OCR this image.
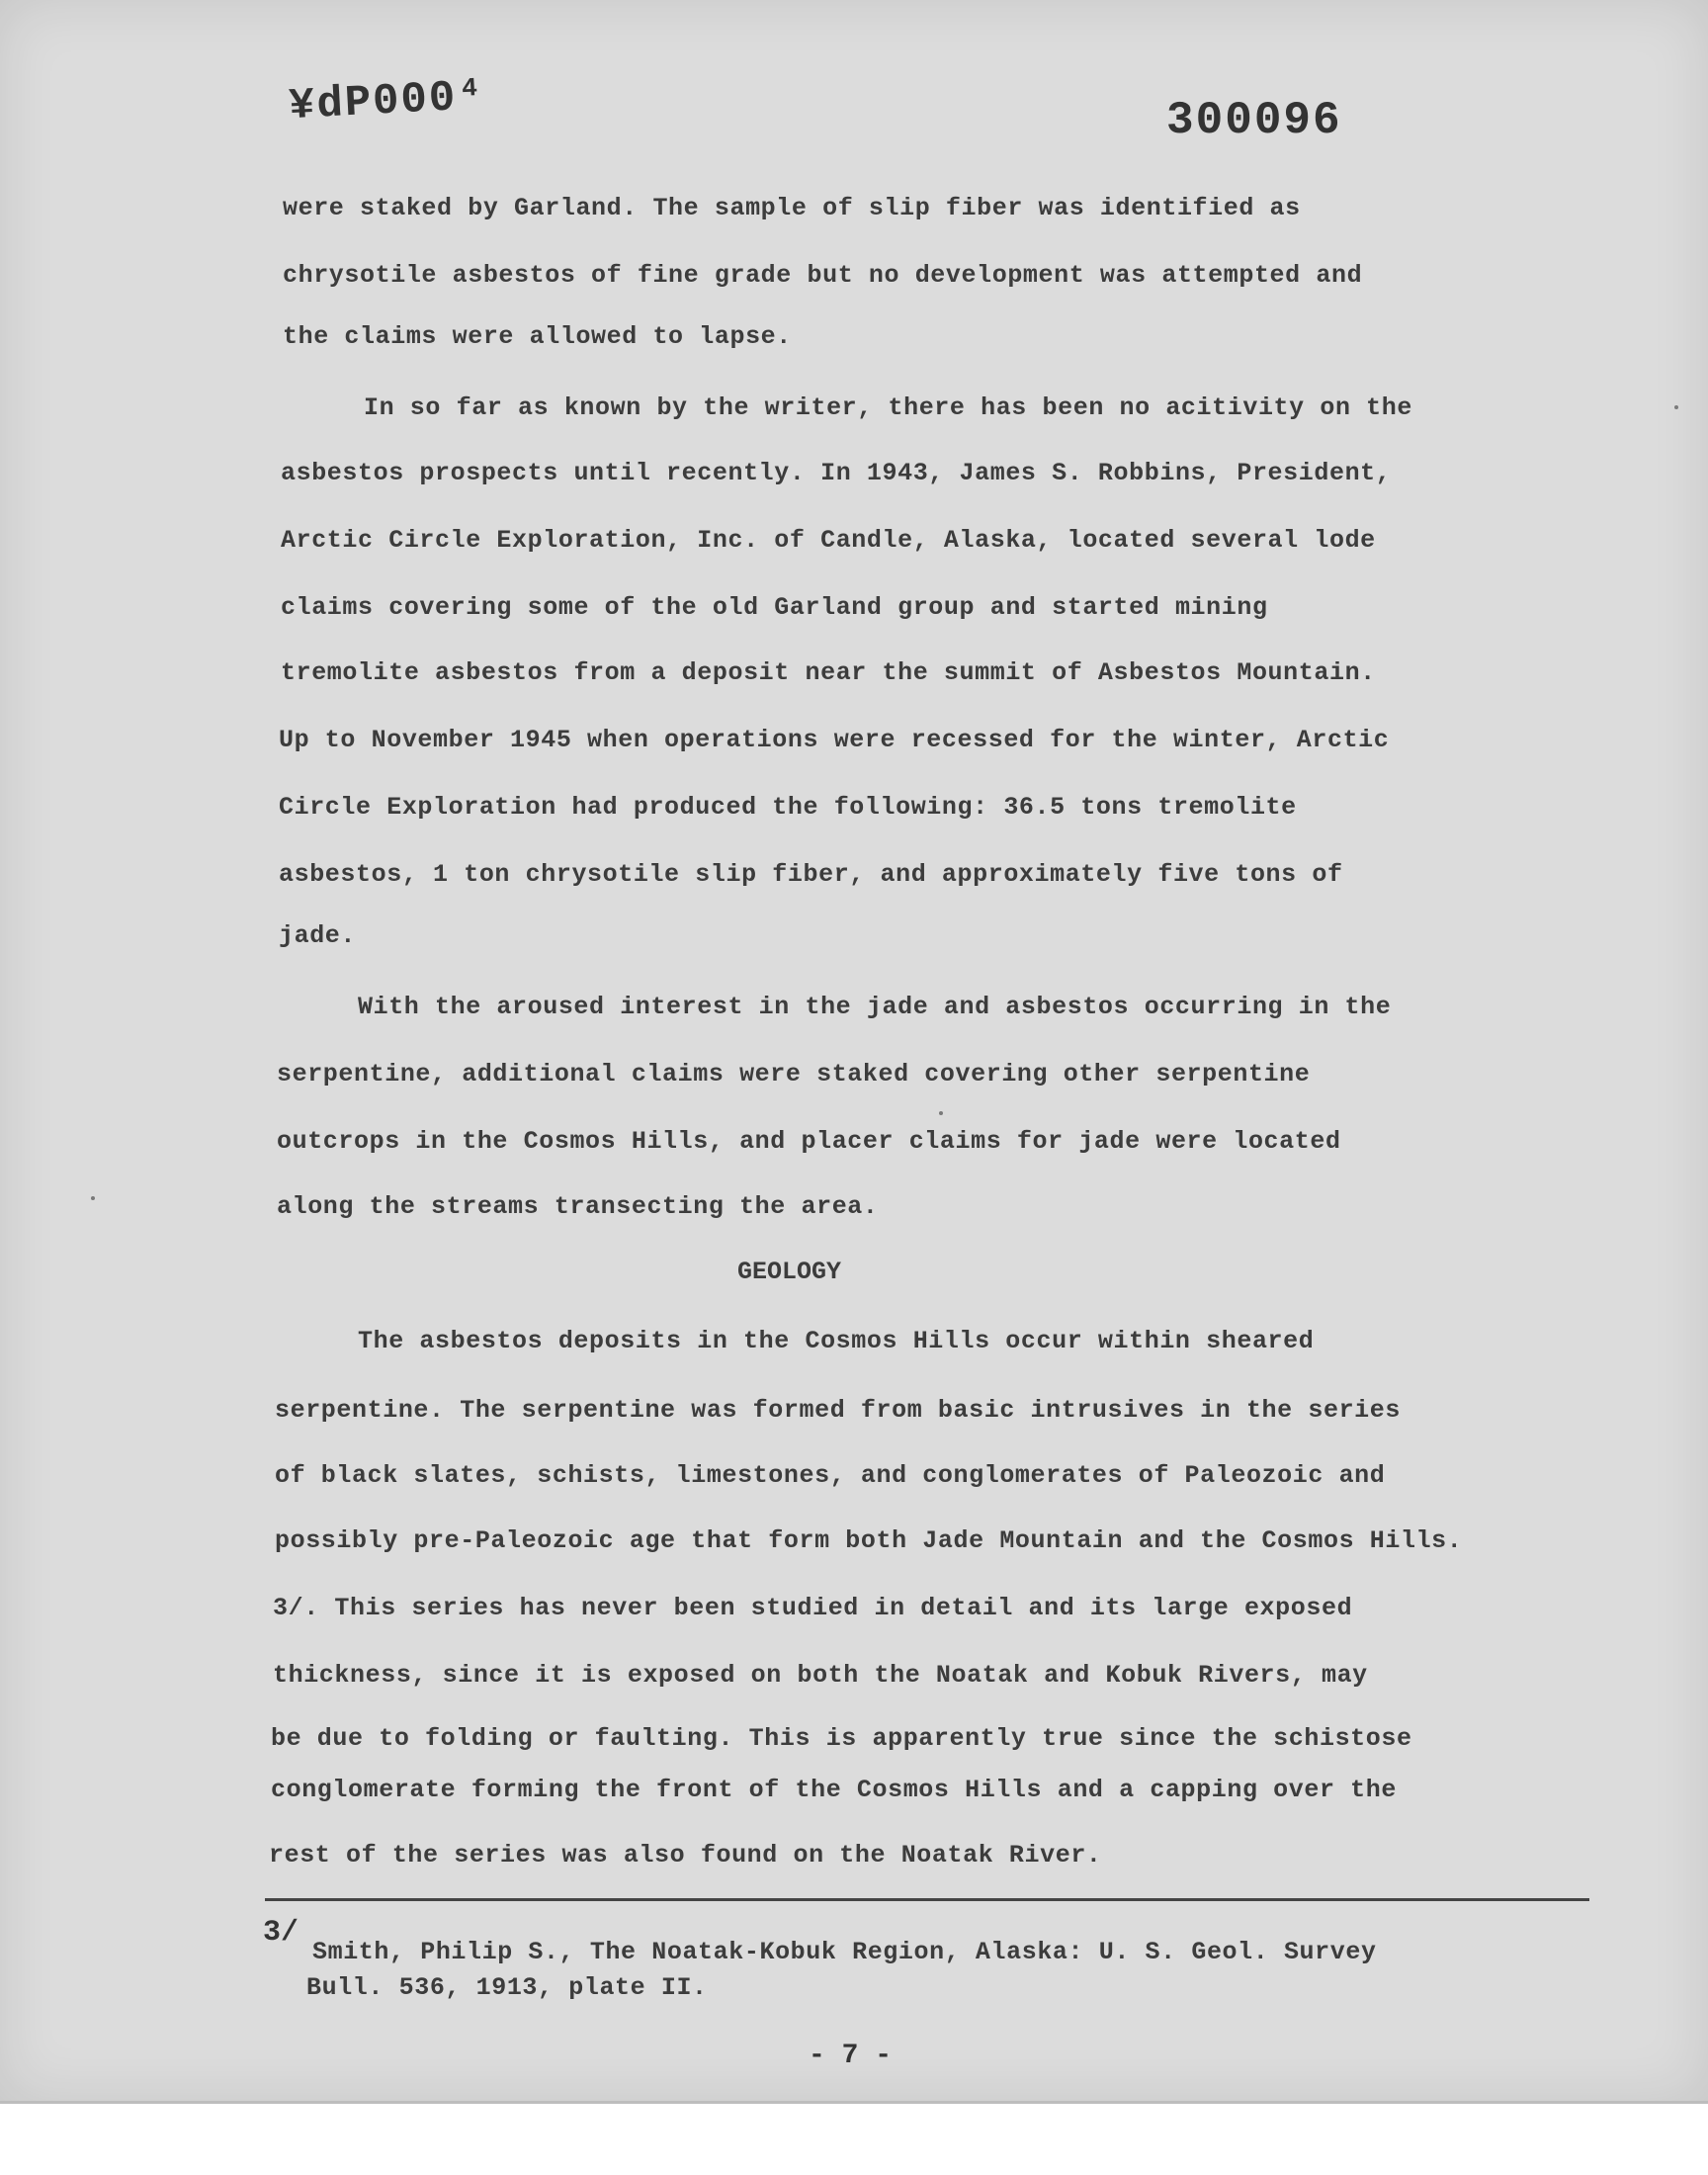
¥dP000⁴	300096
were staked by Garland. The sample of slip fiber was identified as
chrysotile asbestos of fine grade but no development was attempted and
the claims were allowed to lapse.
In so far as known by the writer, there has been no acitivity on the
asbestos prospects until recently. In 1943, James S. Robbins, President,
Arctic Circle Exploration, Inc. of Candle, Alaska, located several lode
claims covering some of the old Garland group and started mining
tremolite asbestos from a deposit near the summit of Asbestos Mountain.
Up to November 1945 when operations were recessed for the winter, Arctic
Circle Exploration had produced the following: 36.5 tons tremolite
asbestos, 1 ton chrysotile slip fiber, and approximately five tons of
jade.
With the aroused interest in the jade and asbestos occurring in the
serpentine, additional claims were staked covering other serpentine
outcrops in the Cosmos Hills, and placer claims for jade were located
along the streams transecting the area.
GEOLOGY
The asbestos deposits in the Cosmos Hills occur within sheared
serpentine. The serpentine was formed from basic intrusives in the series
of black slates, schists, limestones, and conglomerates of Paleozoic and
possibly pre-Paleozoic age that form both Jade Mountain and the Cosmos Hills.
3/. This series has never been studied in detail and its large exposed
thickness, since it is exposed on both the Noatak and Kobuk Rivers, may
be due to folding or faulting. This is apparently true since the schistose
conglomerate forming the front of the Cosmos Hills and a capping over the
rest of the series was also found on the Noatak River.
3/
Smith, Philip S., The Noatak-Kobuk Region, Alaska: U. S. Geol. Survey
Bull. 536, 1913, plate II.
- 7 -
